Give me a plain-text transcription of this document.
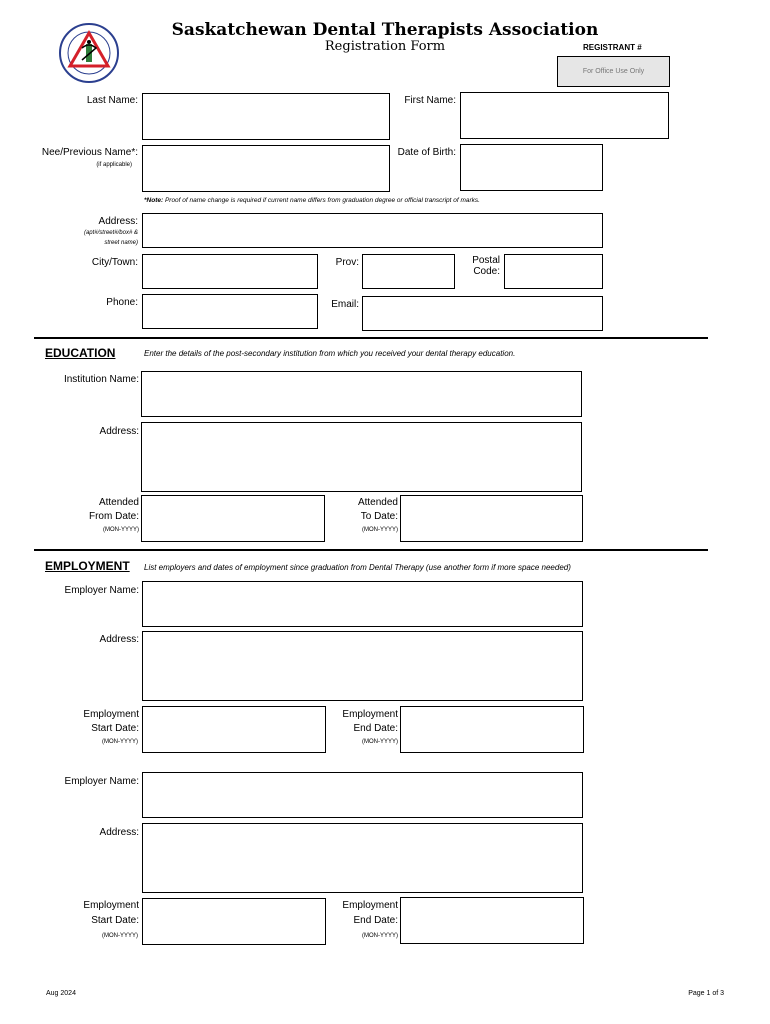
Saskatchewan Dental Therapists Association
Registration Form	REGISTRANT #
For Office Use Only
Last Name:	First Name:
Nee/Previous Name*:
(if applicable)
Date of Birth:
*Note: Proof of name change is required if current name differs from graduation degree or official transcript of marks.
Address:
(apt#/street#/box# &
street name)
City/Town:	Prov:	Postal
Code:
Phone:	Email:
EDUCATION	Enter the details of the post-secondary institution from which you received your dental therapy education.
Institution Name:
Address:
Attended
From Date:
(MON-YYYY)
Attended
To Date:
(MON-YYYY)
EMPLOYMENT List employers and dates of employment since graduation from Dental Therapy (use another form if more space needed)
Employer Name:
Address:
Employment
Start Date:
(MON-YYYY)
Employment
End Date:
(MON-YYYY)
Employer Name:
Address:
Employment
Start Date:
(MON-YYYY)
Employment
End Date:
(MON-YYYY)
Aug 2024	Page 1 of 3
